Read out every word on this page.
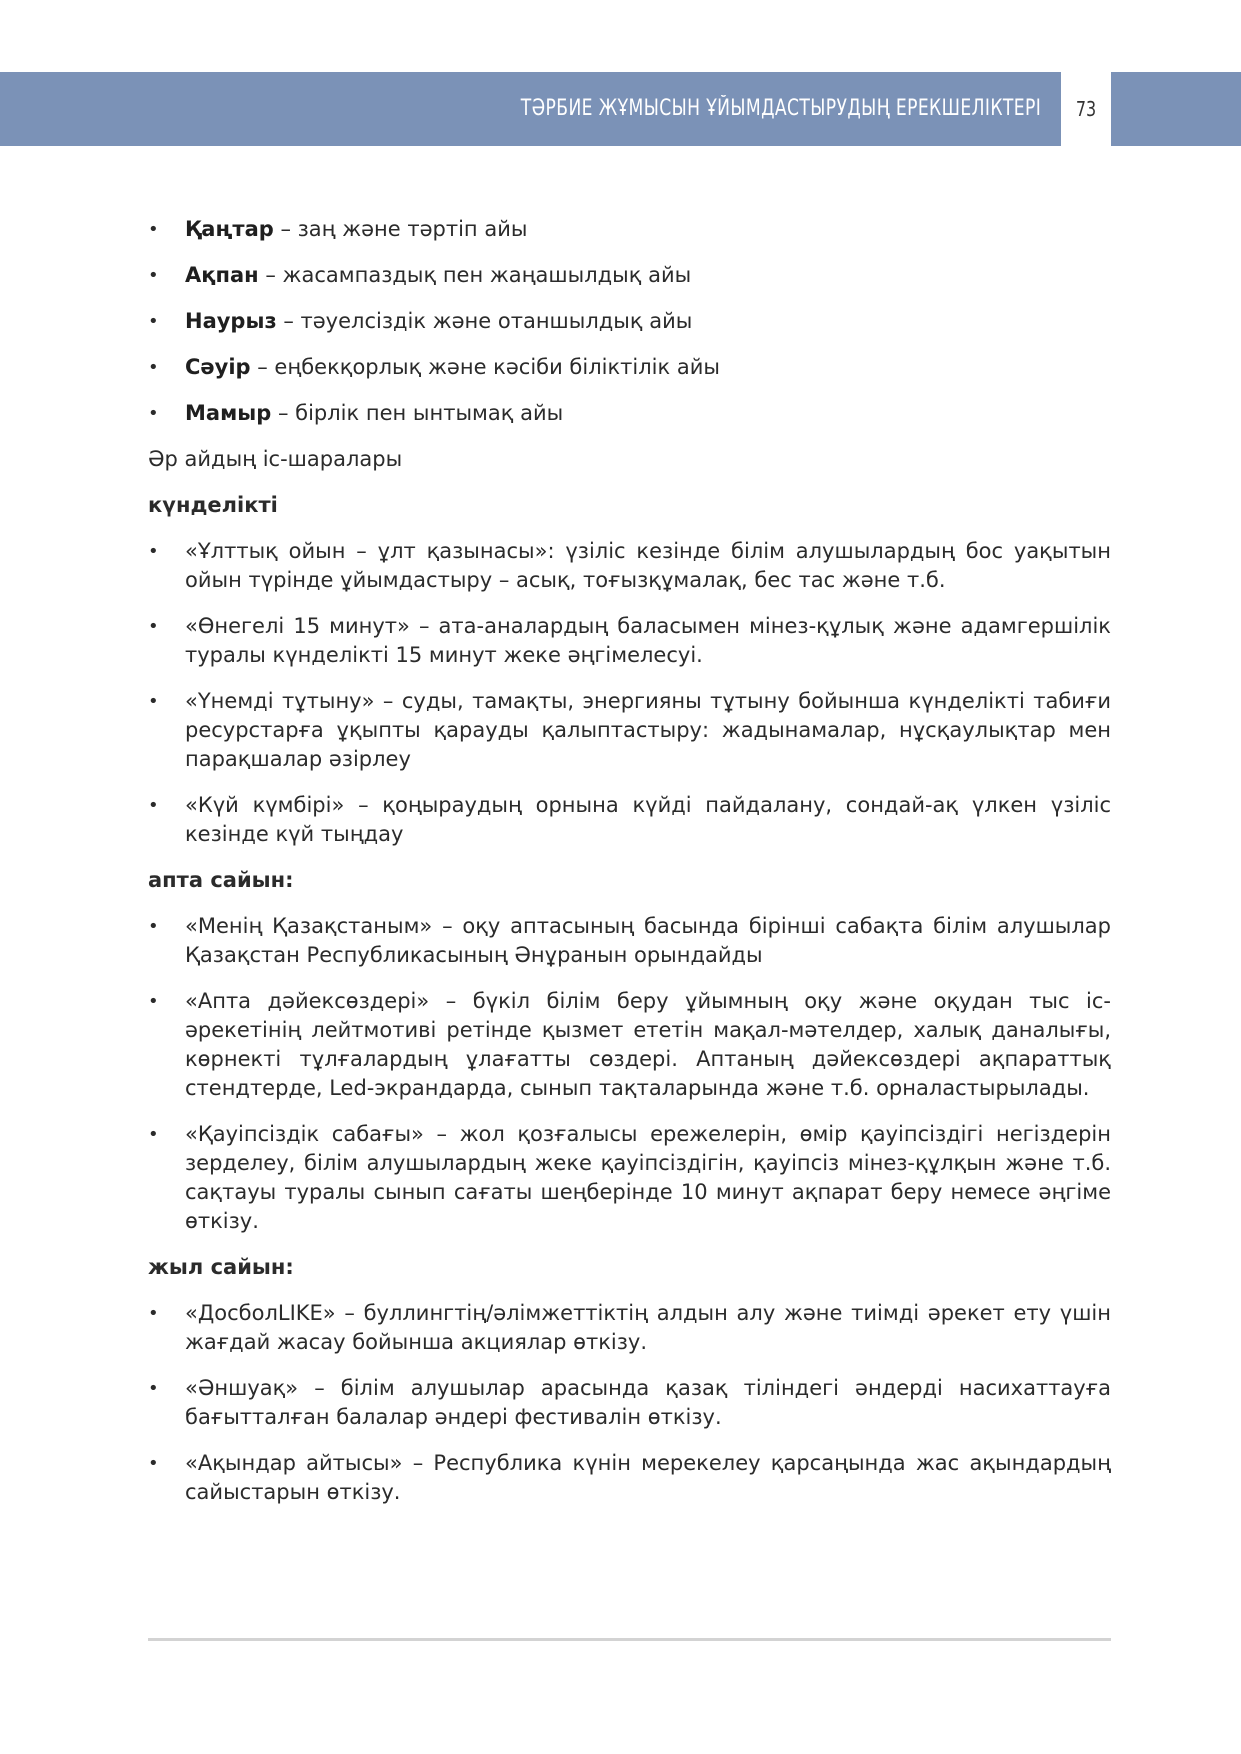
ТӘРБИЕ ЖҰМЫСЫН ҰЙЫМДАСТЫРУДЫҢ ЕРЕКШЕЛІКТЕРІ	73
• Қаңтар – заң және тәртіп айы
• Ақпан – жасампаздық пен жаңашылдық айы
• Наурыз – тәуелсіздік және отаншылдық айы
• Сәуір – еңбекқорлық және кәсіби біліктілік айы
• Мамыр – бірлік пен ынтымақ айы

Әр айдың іс-шаралары

күнделікті

• «Ұлттық ойын – ұлт қазынасы»: үзіліс кезінде білім алушылардың бос уақытын ойын түрінде ұйымдастыру – асық, тоғызқұмалақ, бес тас және т.б.
• «Өнегелі 15 минут» – ата-аналардың баласымен мінез-құлық және адамгершілік туралы күнделікті 15 минут жеке әңгімелесуі.
• «Үнемді тұтыну» – суды, тамақты, энергияны тұтыну бойынша күнделікті табиғи ресурстарға ұқыпты қарауды қалыптастыру: жадынамалар, нұсқаулықтар мен парақшалар әзірлеу
• «Күй күмбірі» – қоңыраудың орнына күйді пайдалану, сондай-ақ үлкен үзіліс кезінде күй тыңдау

апта сайын:

• «Менің Қазақстаным» – оқу аптасының басында бірінші сабақта білім алушылар Қазақстан Республикасының Әнұранын орындайды
• «Апта дәйексөздері» – бүкіл білім беру ұйымның оқу және оқудан тыс іс-әрекетінің лейтмотиві ретінде қызмет ететін мақал-мәтелдер, халық даналығы, көрнекті тұлғалардың ұлағатты сөздері. Аптаның дәйексөздері ақпараттық стендтерде, Led-экрандарда, сынып тақталарында және т.б. орналастырылады.
• «Қауіпсіздік сабағы» – жол қозғалысы ережелерін, өмір қауіпсіздігі негіздерін зерделеу, білім алушылардың жеке қауіпсіздігін, қауіпсіз мінез-құлқын және т.б. сақтауы туралы сынып сағаты шеңберінде 10 минут ақпарат беру немесе әңгіме өткізу.

жыл сайын:

• «ДосболLIKE» – буллингтің/әлімжеттіктің алдын алу және тиімді әрекет ету үшін жағдай жасау бойынша акциялар өткізу.
• «Әншуақ» – білім алушылар арасында қазақ тіліндегі әндерді насихаттауға бағытталған балалар әндері фестивалін өткізу.
• «Ақындар айтысы» – Республика күнін мерекелеу қарсаңында жас ақындардың сайыстарын өткізу.
